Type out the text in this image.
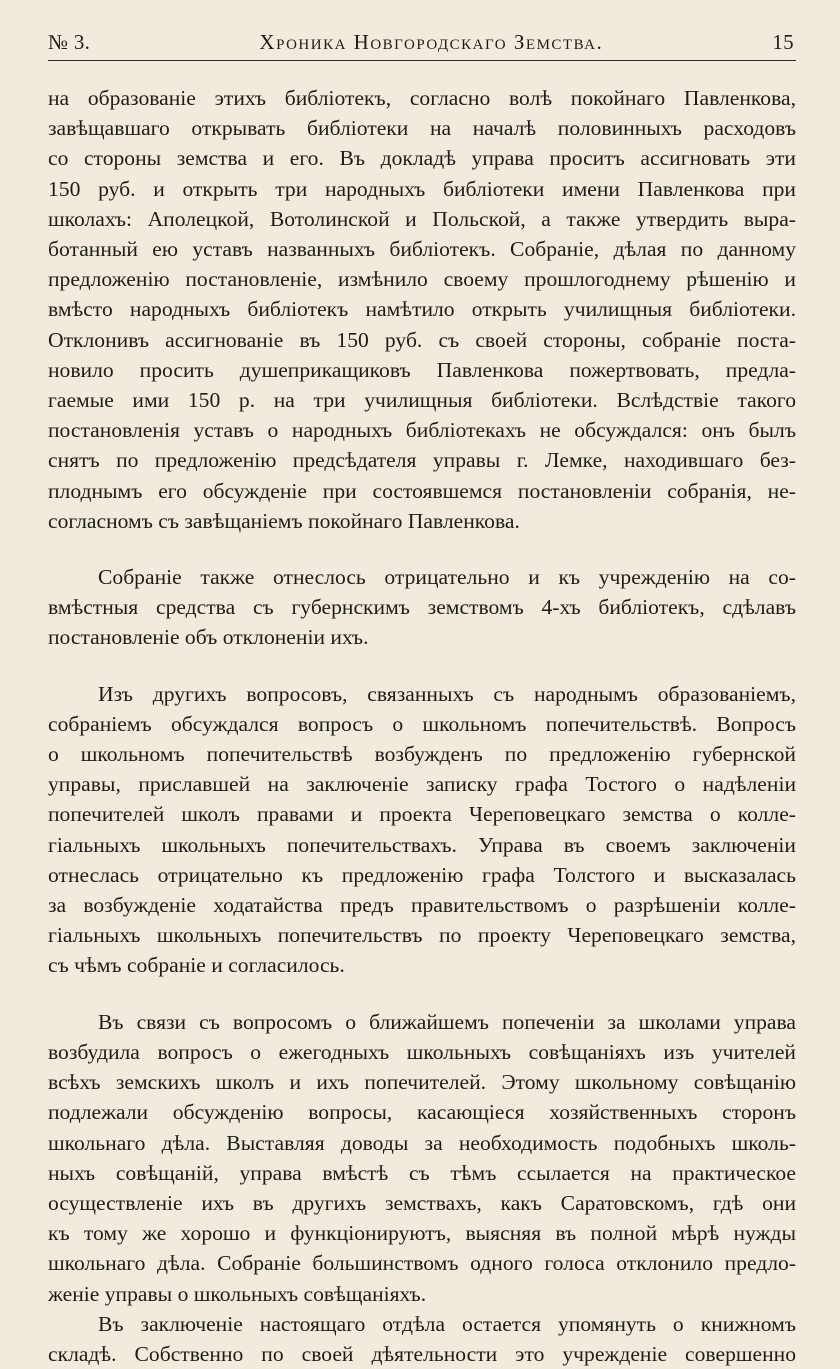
№ 3.	Хроника Новгородскаго Земства.	15

на образованіе этихъ библіотекъ, согласно волѣ покойнаго Павленкова,
завѣщавшаго открывать библіотеки на началѣ половинныхъ расходовъ
со стороны земства и его. Въ докладѣ управа проситъ ассигновать эти
150 руб. и открыть три народныхъ библіотеки имени Павленкова при
школахъ: Аполецкой, Вотолинской и Польской, а также утвердить выра-
ботанный ею уставъ названныхъ библіотекъ. Собраніе, дѣлая по данному
предложенію постановленіе, измѣнило своему прошлогоднему рѣшенію и
вмѣсто народныхъ библіотекъ намѣтило открыть училищныя библіотеки.
Отклонивъ ассигнованіе въ 150 руб. съ своей стороны, собраніе поста-
новило просить душеприкащиковъ Павленкова пожертвовать, предла-
гаемые ими 150 р. на три училищныя библіотеки. Вслѣдствіе такого
постановленія уставъ о народныхъ библіотекахъ не обсуждался: онъ былъ
снятъ по предложенію предсѣдателя управы г. Лемке, находившаго без-
плоднымъ его обсужденіе при состоявшемся постановленіи собранія, не-
согласномъ съ завѣщаніемъ покойнаго Павленкова.

Собраніе также отнеслось отрицательно и къ учрежденію на со-
вмѣстныя средства съ губернскимъ земствомъ 4-хъ библіотекъ, сдѣлавъ
постановленіе объ отклоненіи ихъ.

Изъ другихъ вопросовъ, связанныхъ съ народнымъ образованіемъ,
собраніемъ обсуждался вопросъ о школьномъ попечительствѣ. Вопросъ
о школьномъ попечительствѣ возбужденъ по предложенію губернской
управы, приславшей на заключеніе записку графа Тостого о надѣленіи
попечителей школъ правами и проекта Череповецкаго земства о колле-
гіальныхъ школьныхъ попечительствахъ. Управа въ своемъ заключеніи
отнеслась отрицательно къ предложенію графа Толстого и высказалась
за возбужденіе ходатайства предъ правительствомъ о разрѣшеніи колле-
гіальныхъ школьныхъ попечительствъ по проекту Череповецкаго земства,
съ чѣмъ собраніе и согласилось.

Въ связи съ вопросомъ о ближайшемъ попеченіи за школами управа
возбудила вопросъ о ежегодныхъ школьныхъ совѣщаніяхъ изъ учителей
всѣхъ земскихъ школъ и ихъ попечителей. Этому школьному совѣщанію
подлежали обсужденію вопросы, касающіеся хозяйственныхъ сторонъ
школьнаго дѣла. Выставляя доводы за необходимость подобныхъ школь-
ныхъ совѣщаній, управа вмѣстѣ съ тѣмъ ссылается на практическое
осуществленіе ихъ въ другихъ земствахъ, какъ Саратовскомъ, гдѣ они
къ тому же хорошо и функціонируютъ, выясняя въ полной мѣрѣ нужды
школьнаго дѣла. Собраніе большинствомъ одного голоса отклонило предло-
женіе управы о школьныхъ совѣщаніяхъ.

Въ заключеніе настоящаго отдѣла остается упомянуть о книжномъ
складѣ. Собственно по своей дѣятельности это учрежденіе совершенно
